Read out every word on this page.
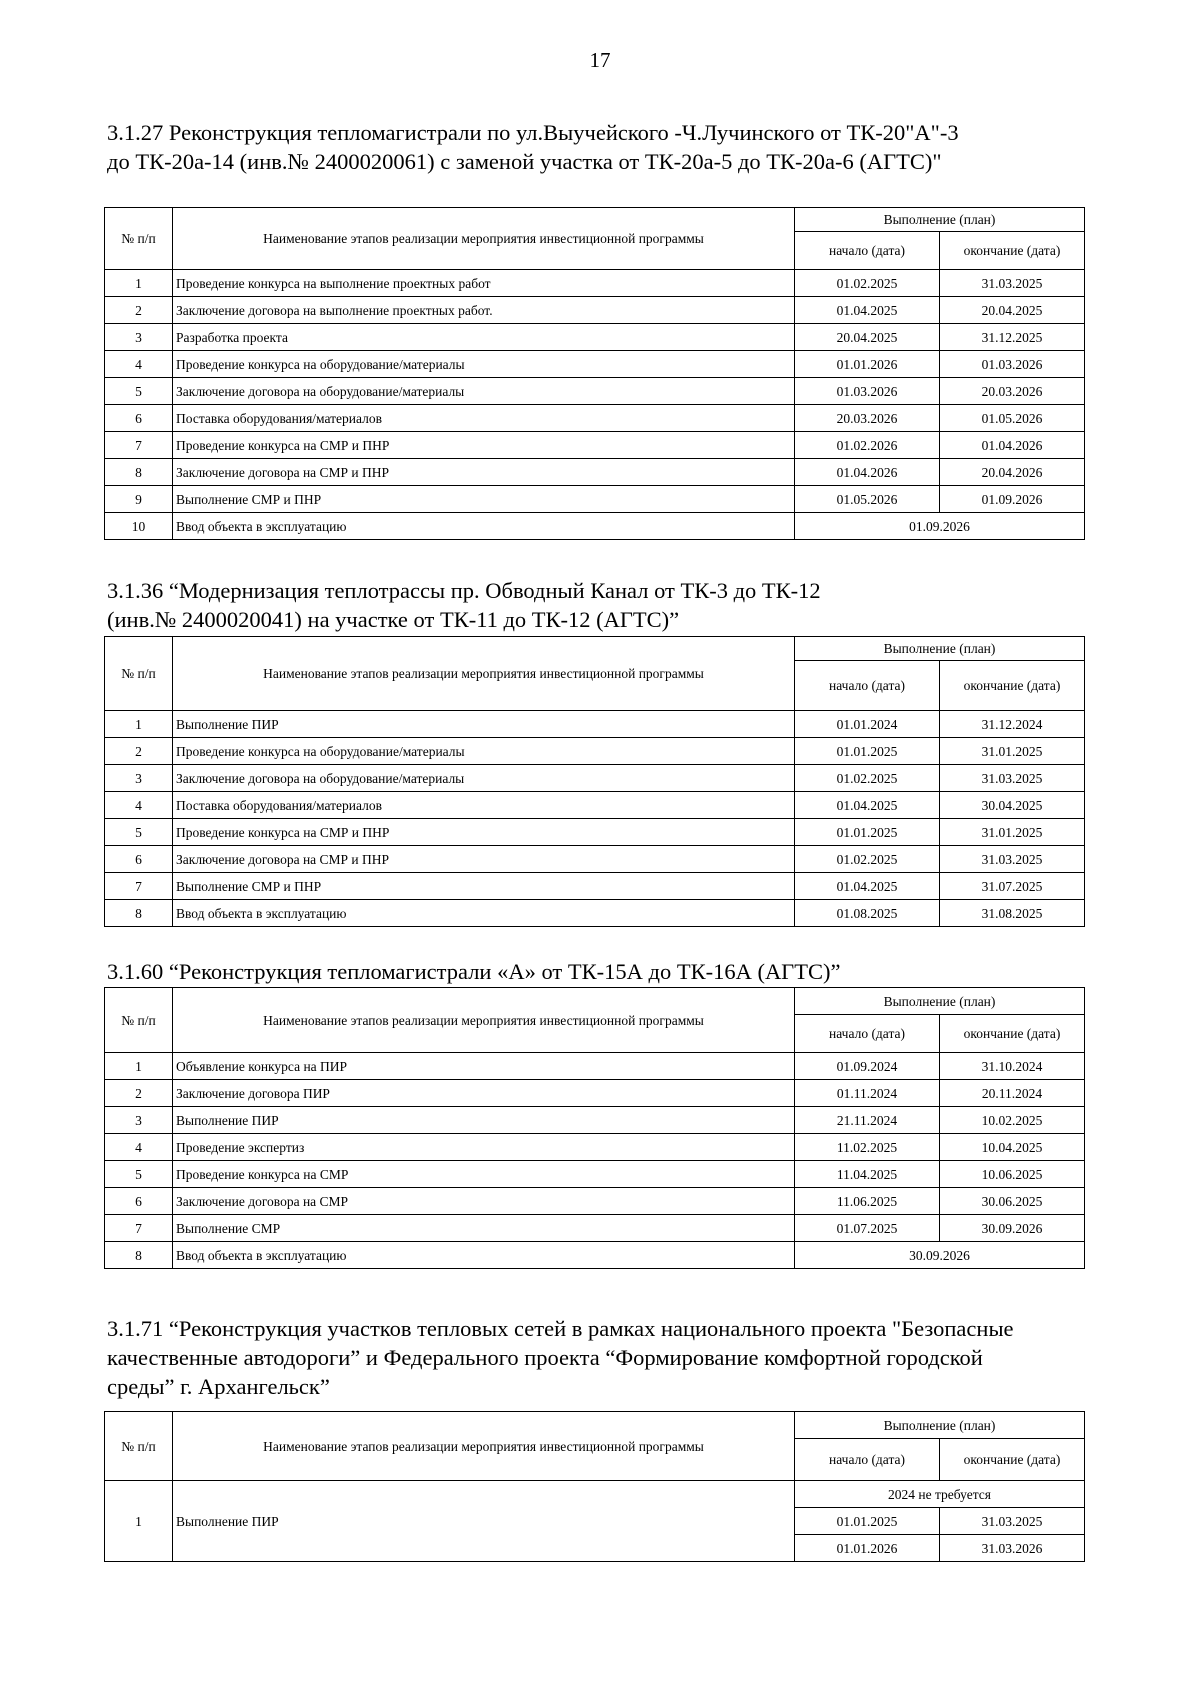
17
3.1.27 Реконструкция тепломагистрали по ул.Выучейского -Ч.Лучинского от ТК-20"А"-3
до ТК-20а-14 (инв.№ 2400020061) с заменой участка от ТК-20а-5 до ТК-20а-6 (АГТС)"
№ п/п	Наименование этапов реализации мероприятия инвестиционной программы	Выполнение (план)	
		начало (дата)	окончание (дата)
1	Проведение конкурса на выполнение проектных работ	01.02.2025	31.03.2025
2	Заключение договора на выполнение проектных работ.	01.04.2025	20.04.2025
3	Разработка проекта	20.04.2025	31.12.2025
4	Проведение конкурса на оборудование/материалы	01.01.2026	01.03.2026
5	Заключение договора на оборудование/материалы	01.03.2026	20.03.2026
6	Поставка оборудования/материалов	20.03.2026	01.05.2026
7	Проведение конкурса на СМР и ПНР	01.02.2026	01.04.2026
8	Заключение договора на СМР и ПНР	01.04.2026	20.04.2026
9	Выполнение СМР и ПНР	01.05.2026	01.09.2026
10	Ввод объекта в эксплуатацию	01.09.2026	
3.1.36 “Модернизация теплотрассы пр. Обводный Канал от ТК-3 до ТК-12
(инв.№ 2400020041) на участке от ТК-11 до ТК-12 (АГТС)”
№ п/п	Наименование этапов реализации мероприятия инвестиционной программы	Выполнение (план)	
		начало (дата)	окончание (дата)
1	Выполнение ПИР	01.01.2024	31.12.2024
2	Проведение конкурса на оборудование/материалы	01.01.2025	31.01.2025
3	Заключение договора на оборудование/материалы	01.02.2025	31.03.2025
4	Поставка оборудования/материалов	01.04.2025	30.04.2025
5	Проведение конкурса на СМР и ПНР	01.01.2025	31.01.2025
6	Заключение договора на СМР и ПНР	01.02.2025	31.03.2025
7	Выполнение СМР и ПНР	01.04.2025	31.07.2025
8	Ввод объекта в эксплуатацию	01.08.2025	31.08.2025
3.1.60 “Реконструкция тепломагистрали «А» от ТК-15А до ТК-16А (АГТС)”
№ п/п	Наименование этапов реализации мероприятия инвестиционной программы	Выполнение (план)	
		начало (дата)	окончание (дата)
1	Объявление конкурса на ПИР	01.09.2024	31.10.2024
2	Заключение договора ПИР	01.11.2024	20.11.2024
3	Выполнение ПИР	21.11.2024	10.02.2025
4	Проведение экспертиз	11.02.2025	10.04.2025
5	Проведение конкурса на СМР	11.04.2025	10.06.2025
6	Заключение договора на СМР	11.06.2025	30.06.2025
7	Выполнение СМР	01.07.2025	30.09.2026
8	Ввод объекта в эксплуатацию	30.09.2026	
3.1.71 “Реконструкция участков тепловых сетей в рамках национального проекта "Безопасные
качественные автодороги” и Федерального проекта “Формирование комфортной городской
среды” г. Архангельск”
№ п/п	Наименование этапов реализации мероприятия инвестиционной программы	Выполнение (план)	
		начало (дата)	окончание (дата)
1	Выполнение ПИР	2024 не требуется	
		01.01.2025	31.03.2025
		01.01.2026	31.03.2026
